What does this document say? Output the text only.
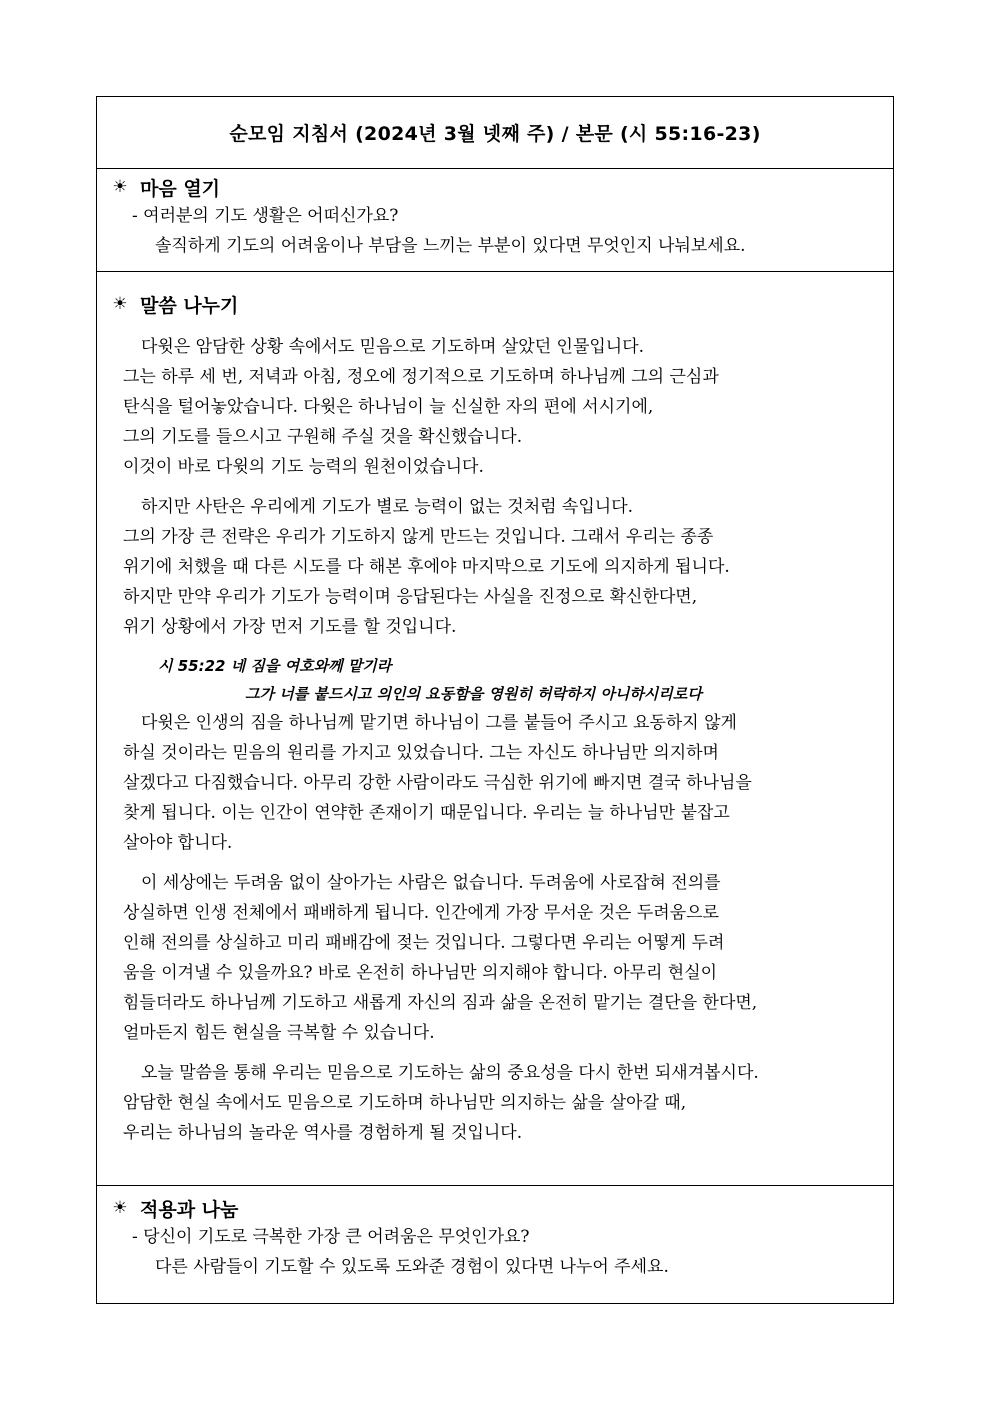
순모임 지침서 (2024년 3월 넷째 주) / 본문 (시 55:16-23)
☀ 마음 열기
- 여러분의 기도 생활은 어떠신가요?
솔직하게 기도의 어려움이나 부담을 느끼는 부분이 있다면 무엇인지 나눠보세요.
☀ 말씀 나누기
다윗은 암담한 상황 속에서도 믿음으로 기도하며 살았던 인물입니다.
그는 하루 세 번, 저녁과 아침, 정오에 정기적으로 기도하며 하나님께 그의 근심과
탄식을 털어놓았습니다. 다윗은 하나님이 늘 신실한 자의 편에 서시기에,
그의 기도를 들으시고 구원해 주실 것을 확신했습니다.
이것이 바로 다윗의 기도 능력의 원천이었습니다.
하지만 사탄은 우리에게 기도가 별로 능력이 없는 것처럼 속입니다.
그의 가장 큰 전략은 우리가 기도하지 않게 만드는 것입니다. 그래서 우리는 종종
위기에 처했을 때 다른 시도를 다 해본 후에야 마지막으로 기도에 의지하게 됩니다.
하지만 만약 우리가 기도가 능력이며 응답된다는 사실을 진정으로 확신한다면,
위기 상황에서 가장 먼저 기도를 할 것입니다.
시 55:22 네 짐을 여호와께 맡기라
그가 너를 붙드시고 의인의 요동함을 영원히 허락하지 아니하시리로다
다윗은 인생의 짐을 하나님께 맡기면 하나님이 그를 붙들어 주시고 요동하지 않게
하실 것이라는 믿음의 원리를 가지고 있었습니다. 그는 자신도 하나님만 의지하며
살겠다고 다짐했습니다. 아무리 강한 사람이라도 극심한 위기에 빠지면 결국 하나님을
찾게 됩니다. 이는 인간이 연약한 존재이기 때문입니다. 우리는 늘 하나님만 붙잡고
살아야 합니다.
이 세상에는 두려움 없이 살아가는 사람은 없습니다. 두려움에 사로잡혀 전의를
상실하면 인생 전체에서 패배하게 됩니다. 인간에게 가장 무서운 것은 두려움으로
인해 전의를 상실하고 미리 패배감에 젖는 것입니다. 그렇다면 우리는 어떻게 두려
움을 이겨낼 수 있을까요? 바로 온전히 하나님만 의지해야 합니다. 아무리 현실이
힘들더라도 하나님께 기도하고 새롭게 자신의 짐과 삶을 온전히 맡기는 결단을 한다면,
얼마든지 힘든 현실을 극복할 수 있습니다.
오늘 말씀을 통해 우리는 믿음으로 기도하는 삶의 중요성을 다시 한번 되새겨봅시다.
암담한 현실 속에서도 믿음으로 기도하며 하나님만 의지하는 삶을 살아갈 때,
우리는 하나님의 놀라운 역사를 경험하게 될 것입니다.
☀ 적용과 나눔
- 당신이 기도로 극복한 가장 큰 어려움은 무엇인가요?
다른 사람들이 기도할 수 있도록 도와준 경험이 있다면 나누어 주세요.
